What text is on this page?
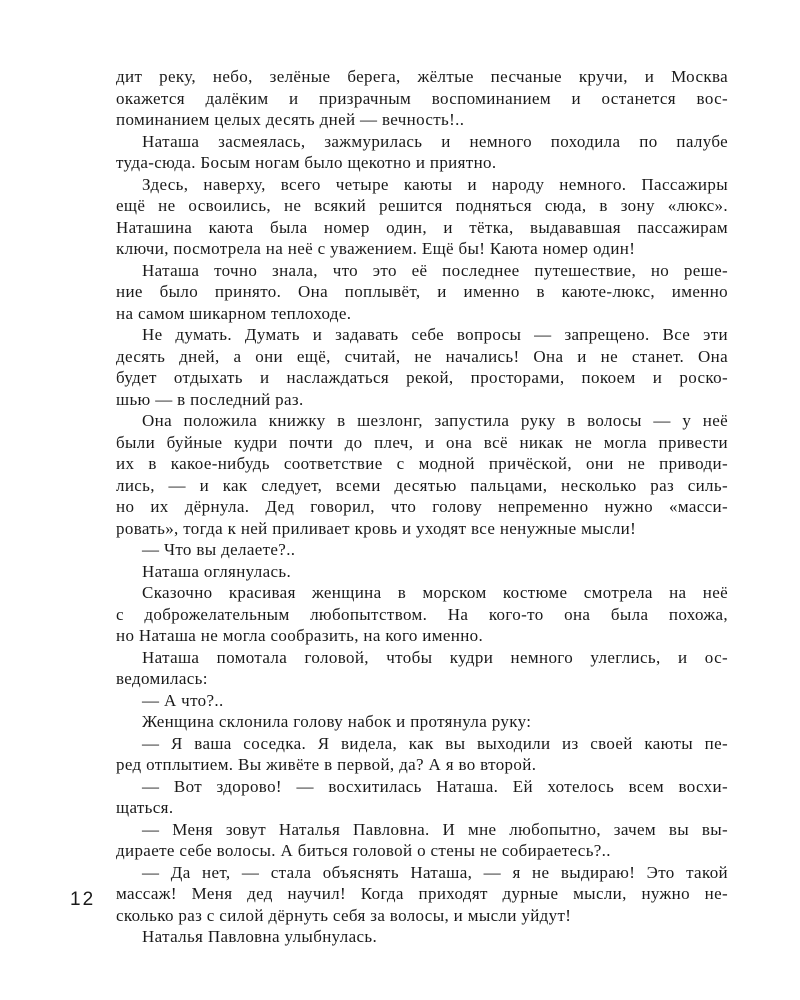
дит реку, небо, зелёные берега, жёлтые песчаные кручи, и Москва
окажется далёким и призрачным воспоминанием и останется вос-
поминанием целых десять дней — вечность!..
Наташа засмеялась, зажмурилась и немного походила по палубе
туда-сюда. Босым ногам было щекотно и приятно.
Здесь, наверху, всего четыре каюты и народу немного. Пассажиры
ещё не освоились, не всякий решится подняться сюда, в зону «люкс».
Наташина каюта была номер один, и тётка, выдававшая пассажирам
ключи, посмотрела на неё с уважением. Ещё бы! Каюта номер один!
Наташа точно знала, что это её последнее путешествие, но реше-
ние было принято. Она поплывёт, и именно в каюте-люкс, именно
на самом шикарном теплоходе.
Не думать. Думать и задавать себе вопросы — запрещено. Все эти
десять дней, а они ещё, считай, не начались! Она и не станет. Она
будет отдыхать и наслаждаться рекой, просторами, покоем и роско-
шью — в последний раз.
Она положила книжку в шезлонг, запустила руку в волосы — у неё
были буйные кудри почти до плеч, и она всё никак не могла привести
их в какое-нибудь соответствие с модной причёской, они не приводи-
лись, — и как следует, всеми десятью пальцами, несколько раз силь-
но их дёрнула. Дед говорил, что голову непременно нужно «масси-
ровать», тогда к ней приливает кровь и уходят все ненужные мысли!
— Что вы делаете?..
Наташа оглянулась.
Сказочно красивая женщина в морском костюме смотрела на неё
с доброжелательным любопытством. На кого-то она была похожа,
но Наташа не могла сообразить, на кого именно.
Наташа помотала головой, чтобы кудри немного улеглись, и ос-
ведомилась:
— А что?..
Женщина склонила голову набок и протянула руку:
— Я ваша соседка. Я видела, как вы выходили из своей каюты пе-
ред отплытием. Вы живёте в первой, да? А я во второй.
— Вот здорово! — восхитилась Наташа. Ей хотелось всем восхи-
щаться.
— Меня зовут Наталья Павловна. И мне любопытно, зачем вы вы-
дираете себе волосы. А биться головой о стены не собираетесь?..
— Да нет, — стала объяснять Наташа, — я не выдираю! Это такой
массаж! Меня дед научил! Когда приходят дурные мысли, нужно не-
сколько раз с силой дёрнуть себя за волосы, и мысли уйдут!
Наталья Павловна улыбнулась.
12
